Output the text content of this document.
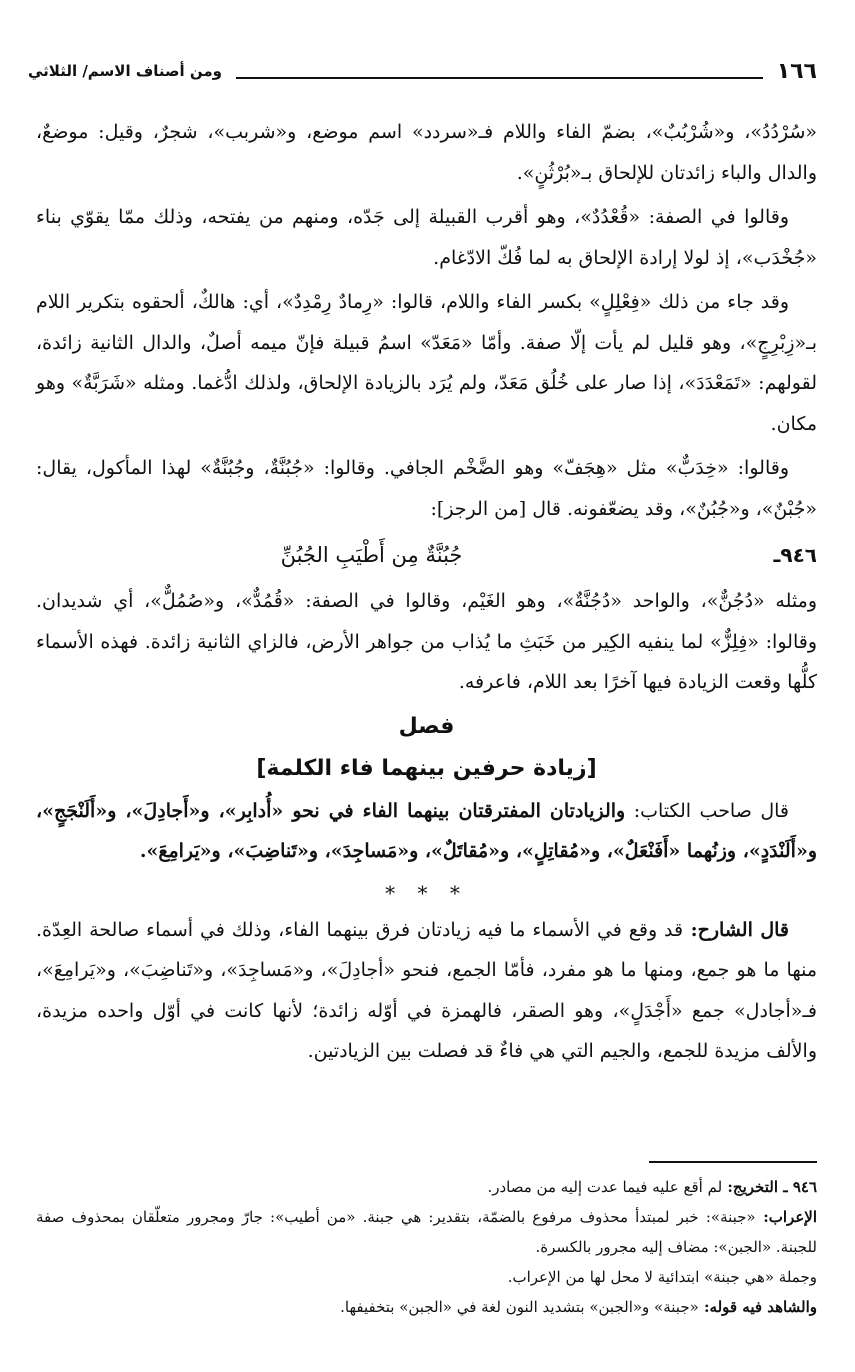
١٦٦
ومن أصناف الاسم/ الثلاثي

«سُرْدُدُ»، و«شُرْبُبٌ»، بضمّ الفاء واللام فـ«سردد» اسم موضع، و«شربب»، شجرٌ، وقيل: موضعٌ، والدال والباء زائدتان للإلحاق بـ«بُرْثُنٍ».

وقالوا في الصفة: «قُعْدُدٌ»، وهو أقرب القبيلة إلى جَدّه، ومنهم من يفتحه، وذلك ممّا يقوّي بناء «جُخْدَب»، إذ لولا إرادة الإلحاق به لما فُكّ الادّغام.

وقد جاء من ذلك «فِعْلِلٍ» بكسر الفاء واللام، قالوا: «رِمادٌ رِمْدِدٌ»، أي: هالكٌ، ألحقوه بتكرير اللام بـ«زِبْرِجٍ»، وهو قليل لم يأت إلّا صفة. وأمّا «مَعَدّ» اسمُ قبيلة فإنّ ميمه أصلٌ، والدال الثانية زائدة، لقولهم: «تَمَعْدَدَ»، إذا صار على خُلُق مَعَدّ، ولم يُرَد بالزيادة الإلحاق، ولذلك ادُّغما. ومثله «شَرَبَّةٌ» وهو مكان.

وقالوا: «خِدَبٌّ» مثل «هِجَفّ» وهو الضَّخْم الجافي. وقالوا: «جُبُنَّةٌ، وجُبُنَّةٌ» لهذا المأكول، يقال: «جُبْنٌ»، و«جُبُنٌ»، وقد يضعّفونه. قال [من الرجز]:

٩٤٦ـ
جُبُنَّةٌ مِن أَطْيَبِ الجُبُنِّ

ومثله «دُجُنٌّ»، والواحد «دُجُنَّةٌ»، وهو الغَيْم، وقالوا في الصفة: «قُمُدٌّ»، و«صُمُلٌّ»، أي شديدان. وقالوا: «فِلِزٌّ» لما ينفيه الكِير من خَبَثِ ما يُذاب من جواهر الأرض، فالزاي الثانية زائدة. فهذه الأسماء كلُّها وقعت الزيادة فيها آخرًا بعد اللام، فاعرفه.

فصل
[زيادة حرفين بينهما فاء الكلمة]

قال صاحب الكتاب: والزيادتان المفترقتان بينهما الفاء في نحو «أُدابِر»، و«أَجادِلَ»، و«أَلَنْجَجٍ»، و«أَلَنْدَدٍ»، وزنُهما «أَفَنْعَلٌ»، و«مُقاتِلٍ»، و«مُقاتَلٌ»، و«مَساجِدَ»، و«تَناضِبَ»، و«يَرامِعَ».

* * *

قال الشارح: قد وقع في الأسماء ما فيه زيادتان فرق بينهما الفاء، وذلك في أسماء صالحة العِدّة. منها ما هو جمع، ومنها ما هو مفرد، فأمّا الجمع، فنحو «أجادِلَ»، و«مَساجِدَ»، و«تَناضِبَ»، و«يَرامِعَ»، فـ«أجادل» جمع «أَجْدَلٍ»، وهو الصقر، فالهمزة في أوّله زائدة؛ لأنها كانت في أوّل واحده مزيدة، والألف مزيدة للجمع، والجيم التي هي فاءٌ قد فصلت بين الزيادتين.

٩٤٦ ـ التخريج: لم أقع عليه فيما عدت إليه من مصادر.

الإعراب: «جبنة»: خبر لمبتدأ محذوف مرفوع بالضمّة، بتقدير: هي جبنة. «من أطيب»: جارّ ومجرور متعلّقان بمحذوف صفة للجبنة. «الجبن»: مضاف إليه مجرور بالكسرة.

وجملة «هي جبنة» ابتدائية لا محل لها من الإعراب.

والشاهد فيه قوله: «جبنة» و«الجبن» بتشديد النون لغة في «الجبن» بتخفيفها.
